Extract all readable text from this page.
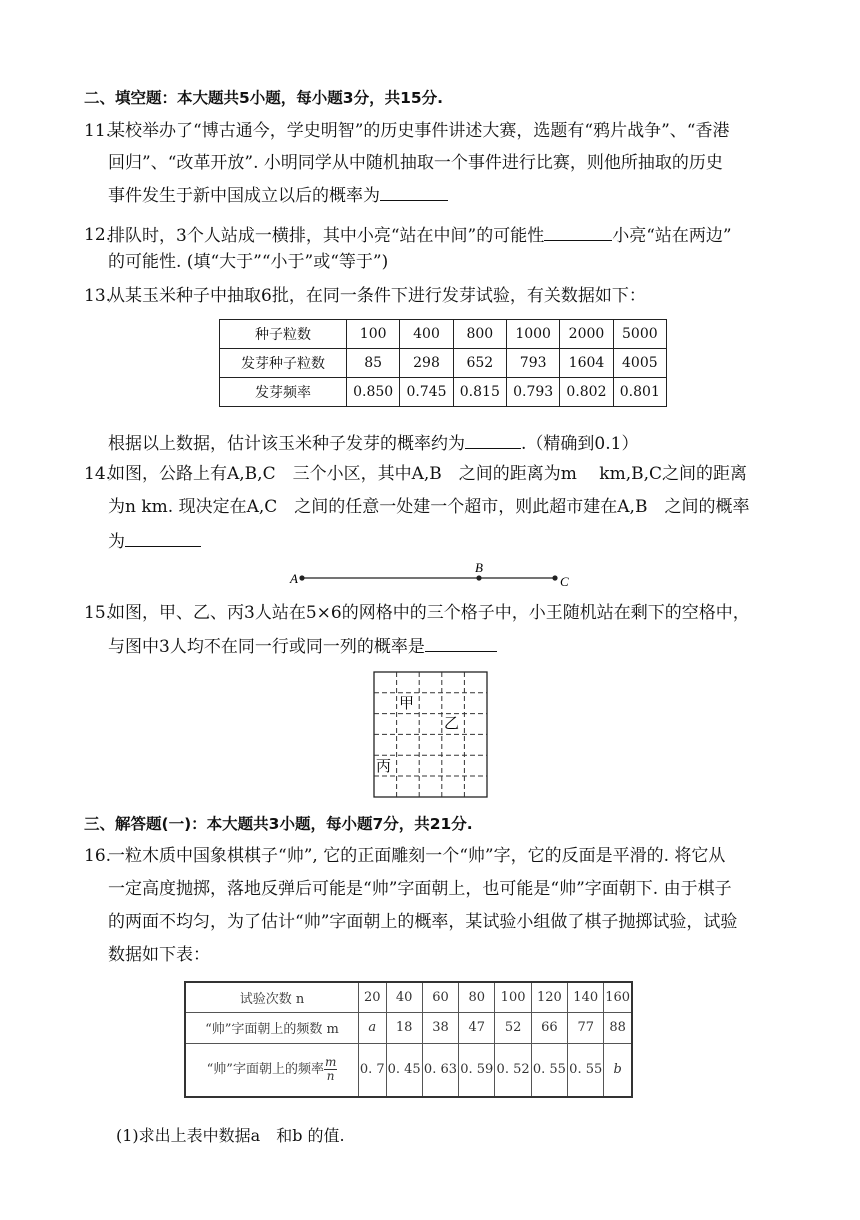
二、填空题：本大题共5小题，每小题3分，共15分.
11.
某校举办了“博古通今，学史明智”的历史事件讲述大赛，选题有“鸦片战争”、“香港
回归”、“改革开放”. 小明同学从中随机抽取一个事件进行比赛，则他所抽取的历史
事件发生于新中国成立以后的概率为
12.
排队时，3个人站成一横排，其中小亮“站在中间”的可能性	小亮“站在两边”
的可能性. (填“大于”“小于”或“等于”)
13.
从某玉米种子中抽取6批，在同一条件下进行发芽试验，有关数据如下：
种子粒数	100	400	800	1000	2000	5000
发芽种子粒数	85	298	652	793	1604	4005
发芽频率	0.850	0.745	0.815	0.793	0.802	0.801
根据以上数据，估计该玉米种子发芽的概率约为	.（精确到0.1）
14.
如图，公路上有A,B,C　三个小区，其中A,B　之间的距离为m　 km,B,C之间的距离
为n km. 现决定在A,C　之间的任意一处建一个超市，则此超市建在A,B　之间的概率
为
A
B
C
15.
如图，甲、乙、丙3人站在5×6的网格中的三个格子中，小王随机站在剩下的空格中，
与图中3人均不在同一行或同一列的概率是
甲
乙
丙
三、解答题(一)：本大题共3小题，每小题7分，共21分.
16.
一粒木质中国象棋棋子“帅”, 它的正面雕刻一个“帅”字，它的反面是平滑的. 将它从
一定高度抛掷，落地反弹后可能是“帅”字面朝上，也可能是“帅”字面朝下. 由于棋子
的两面不均匀，为了估计“帅”字面朝上的概率，某试验小组做了棋子抛掷试验，试验
数据如下表：
试验次数 n	20	40	60	80	100	120	140	160
“帅”字面朝上的频数 m	a	18	38	47	52	66	77	88
“帅”字面朝上的频率 $\frac{m}{n}$	0. 7	0. 45	0. 63	0. 59	0. 52	0. 55	0. 55	b
(1)求出上表中数据a　和b 的值.
